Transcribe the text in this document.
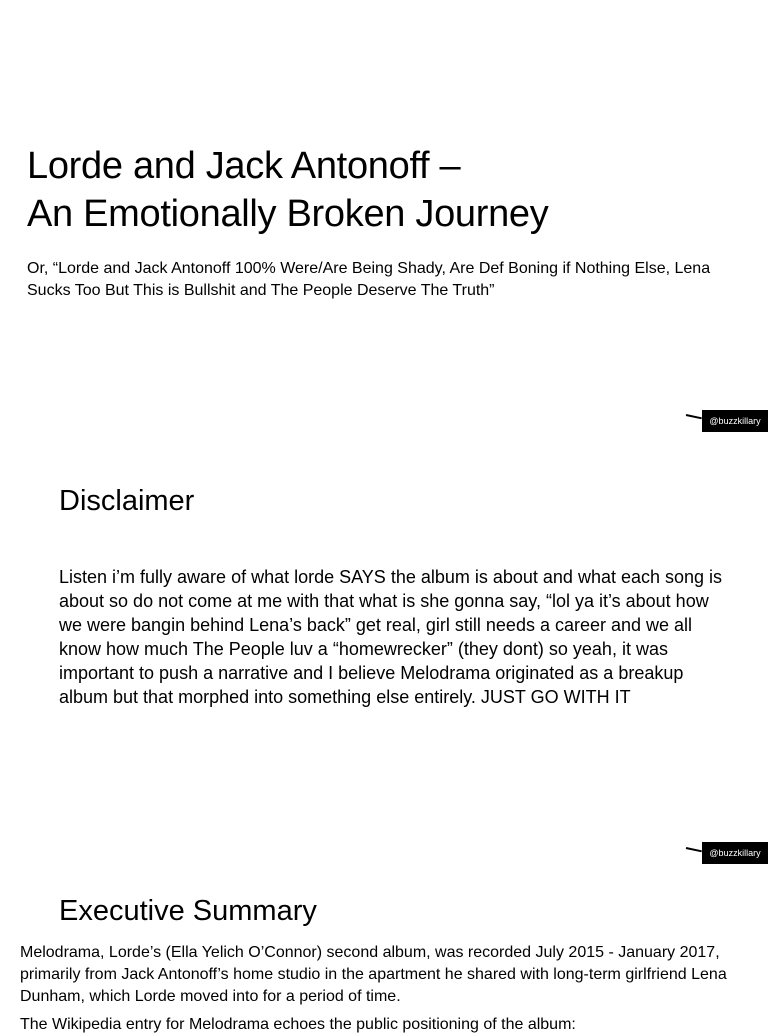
Lorde and Jack Antonoff –
An Emotionally Broken Journey

Or, “Lorde and Jack Antonoff 100% Were/Are Being Shady, Are Def Boning if Nothing Else, Lena Sucks Too But This is Bullshit and The People Deserve The Truth”

@buzzkillary
Disclaimer

Listen i’m fully aware of what lorde SAYS the album is about and what each song is about so do not come at me with that what is she gonna say, “lol ya it’s about how we were bangin behind Lena’s back” get real, girl still needs a career and we all know how much The People luv a “homewrecker” (they dont) so yeah, it was important to push a narrative and I believe Melodrama originated as a breakup album but that morphed into something else entirely. JUST GO WITH IT

@buzzkillary
Executive Summary

Melodrama, Lorde’s (Ella Yelich O’Connor) second album, was recorded July 2015 - January 2017, primarily from Jack Antonoff’s home studio in the apartment he shared with long-term girlfriend Lena Dunham, which Lorde moved into for a period of time.

The Wikipedia entry for Melodrama echoes the public positioning of the album:
